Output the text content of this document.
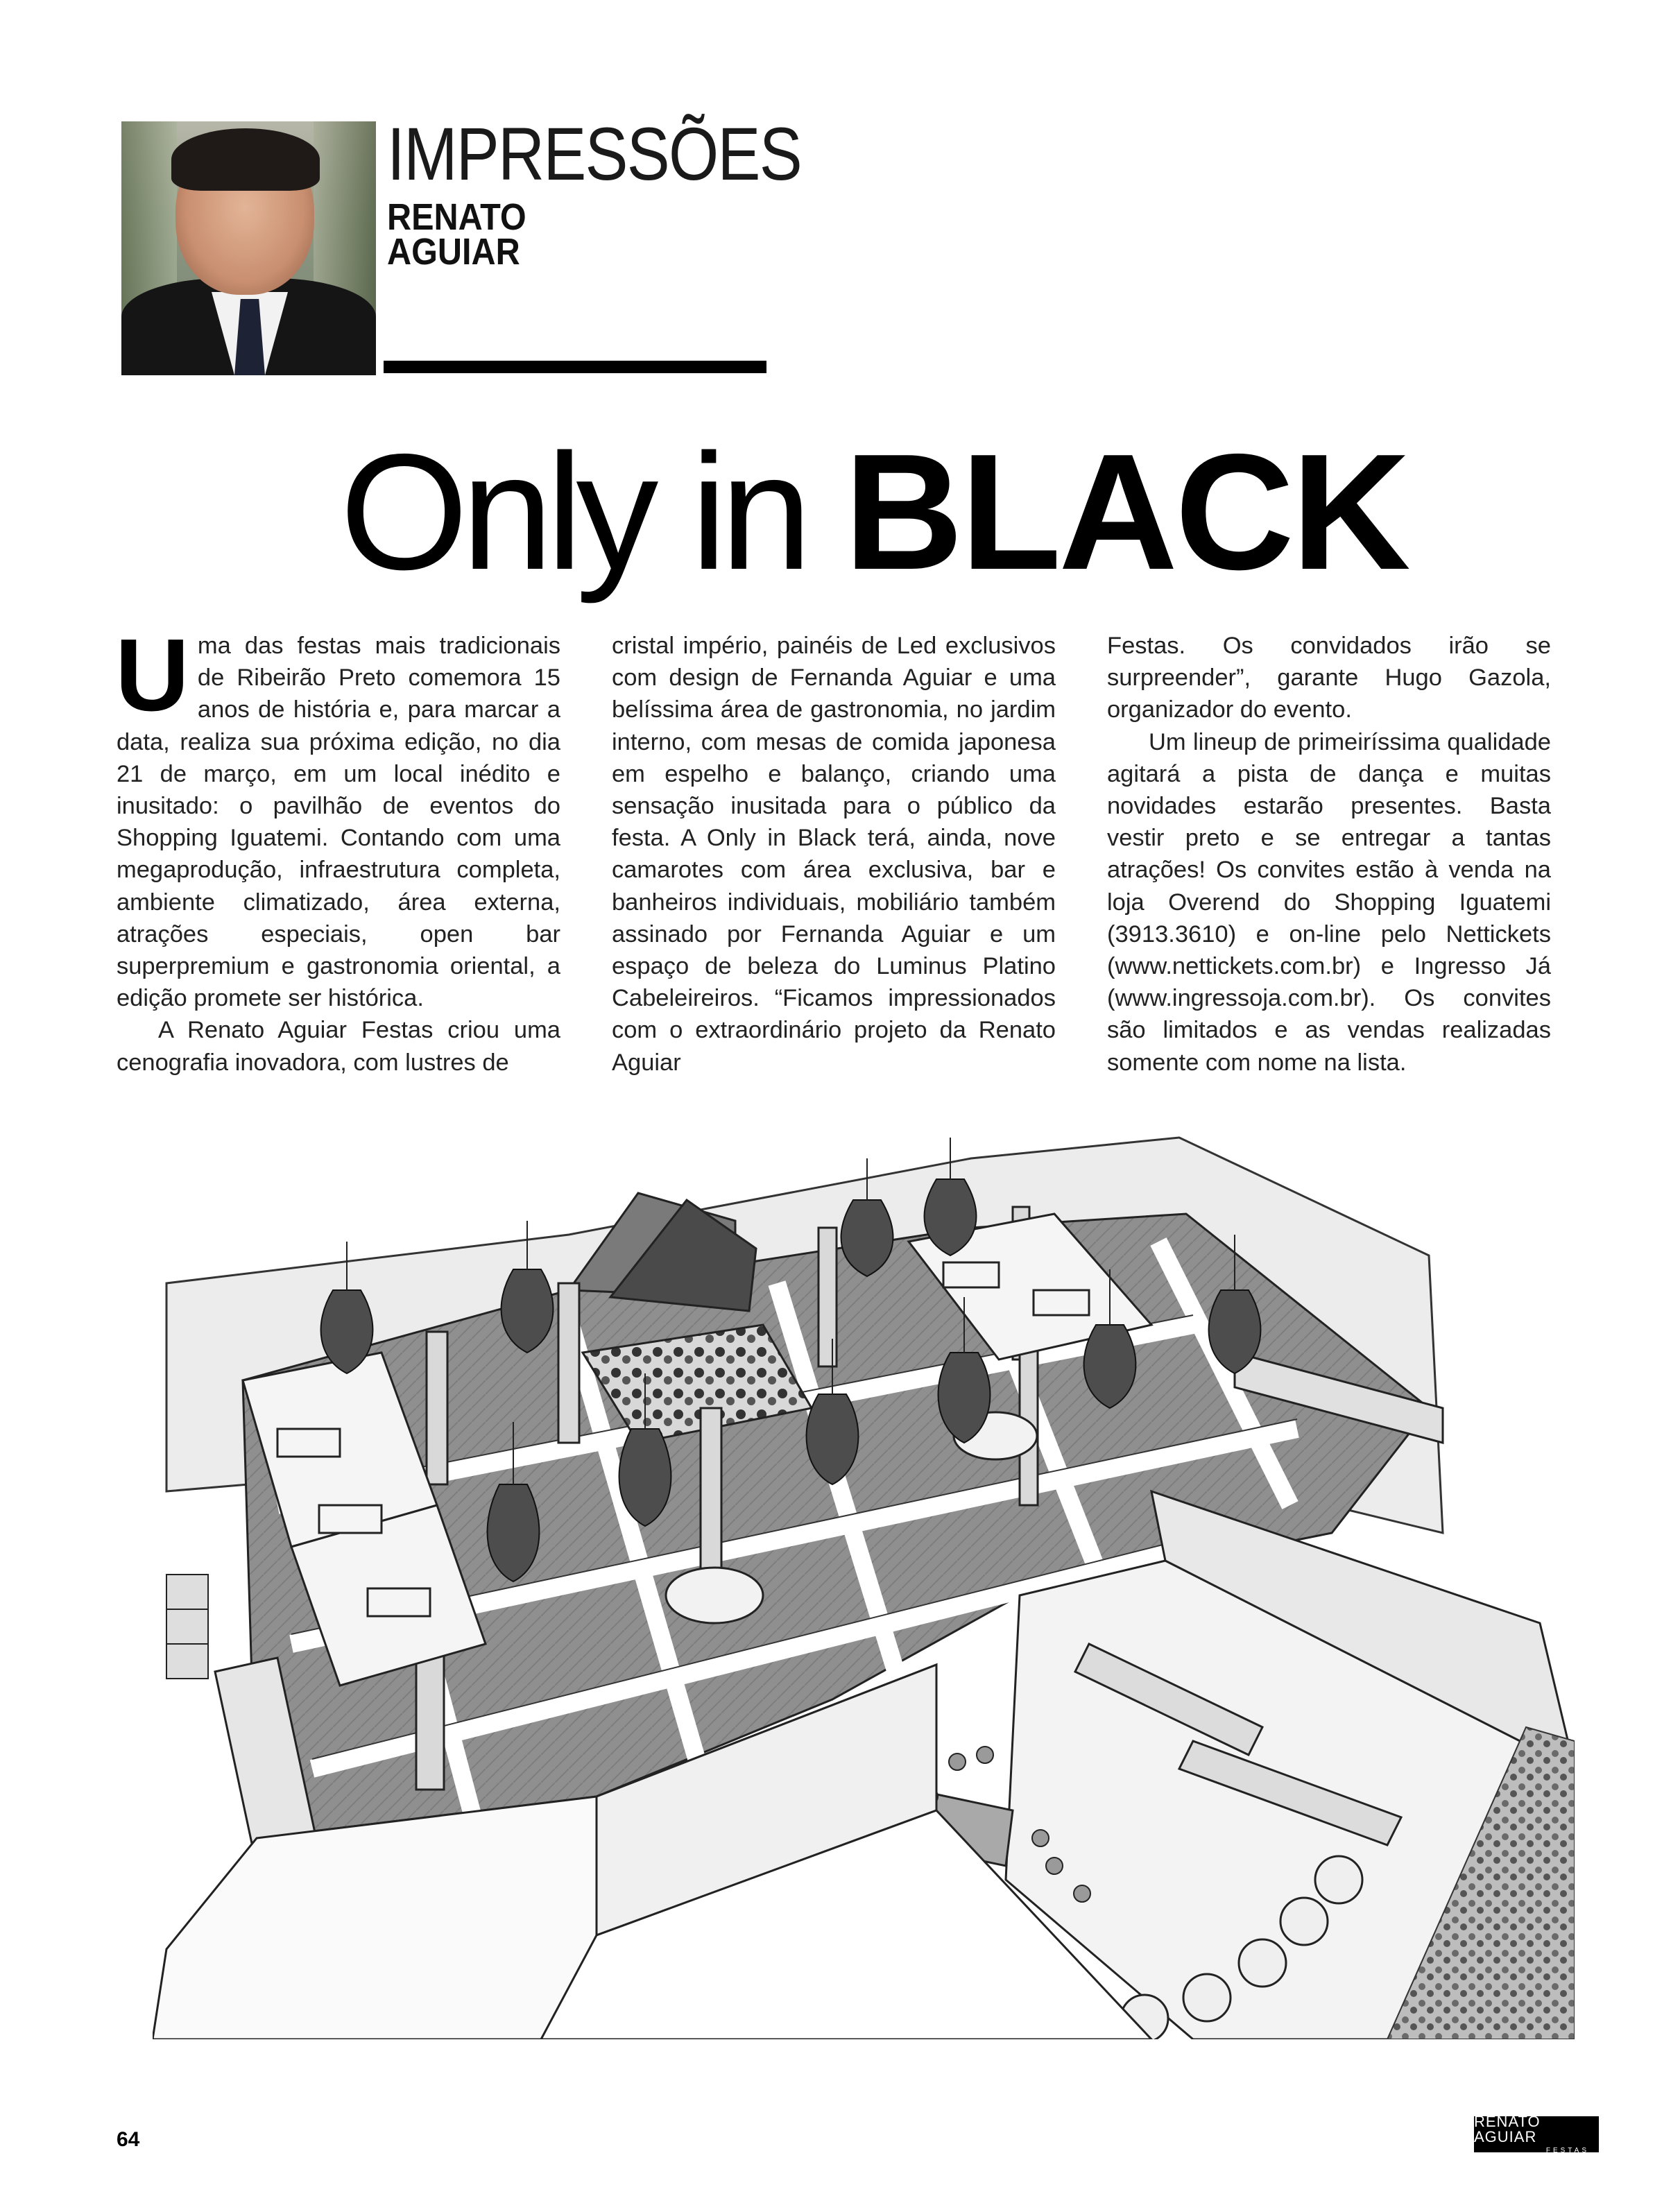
IMPRESSÕES
RENATO
AGUIAR
Only in BLACK

Uma das festas mais tradicionais de Ribeirão Preto comemora 15 anos de história e, para marcar a data, realiza sua próxima edição, no dia 21 de março, em um local inédito e inusitado: o pavilhão de eventos do Shopping Iguatemi. Contando com uma megaprodução, infraestrutura completa, ambiente climatizado, área externa, atrações especiais, open bar superpremium e gastronomia oriental, a edição promete ser histórica.

A Renato Aguiar Festas criou uma cenografia inovadora, com lustres de

cristal império, painéis de Led exclusivos com design de Fernanda Aguiar e uma belíssima área de gastronomia, no jardim interno, com mesas de comida japonesa em espelho e balanço, criando uma sensação inusitada para o público da festa. A Only in Black terá, ainda, nove camarotes com área exclusiva, bar e banheiros individuais, mobiliário também assinado por Fernanda Aguiar e um espaço de beleza do Luminus Platino Cabeleireiros. “Ficamos impressionados com o extraordinário projeto da Renato Aguiar

Festas. Os convidados irão se surpreender”, garante Hugo Gazola, organizador do evento.

Um lineup de primeiríssima qualidade agitará a pista de dança e muitas novidades estarão presentes. Basta vestir preto e se entregar a tantas atrações! Os convites estão à venda na loja Overend do Shopping Iguatemi (3913.3610) e on-line pelo Nettickets (www.nettickets.com.br) e Ingresso Já (www.ingressoja.com.br). Os convites são limitados e as vendas realizadas somente com nome na lista.

64
RENATO AGUIAR
FESTAS
